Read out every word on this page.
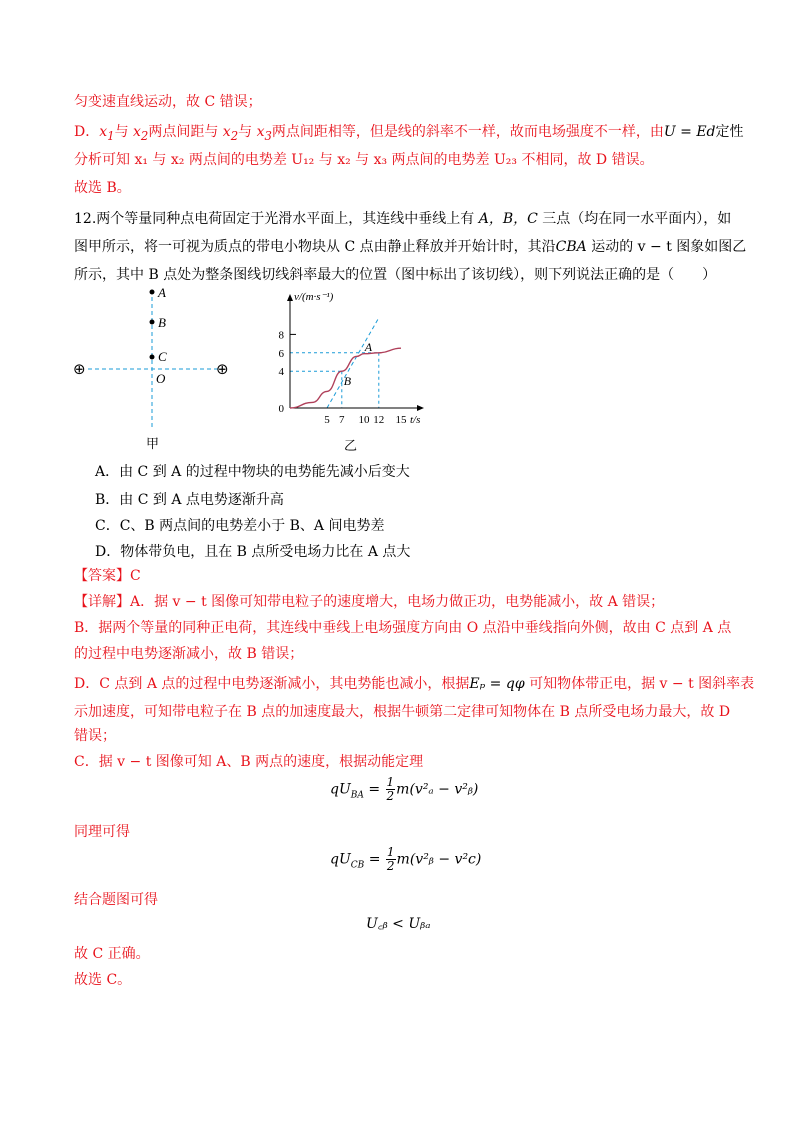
匀变速直线运动，故 C 错误；
D．$x_1$与 $x_2$两点间距与 $x_2$与 $x_3$两点间距相等，但是线的斜率不一样，故而电场强度不一样，由U = Ed定性
分析可知 x₁ 与 x₂ 两点间的电势差 U₁₂ 与 x₂ 与 x₃ 两点间的电势差 U₂₃ 不相同，故 D 错误。
故选 B。
12.两个等量同种点电荷固定于光滑水平面上，其连线中垂线上有 A，B，C 三点（均在同一水平面内），如
图甲所示，将一可视为质点的带电小物块从 C 点由静止释放并开始计时，其沿CBA 运动的 v − t 图象如图乙
所示，其中 B 点处为整条图线切线斜率最大的位置（图中标出了该切线），则下列说法正确的是（　　）
A
B
C
O
⊕	⊕
甲
v/(m·s⁻¹)
t/s
乙
B
A
5 7 10 12 15
0
4
6
8
A．由 C 到 A 的过程中物块的电势能先减小后变大
B．由 C 到 A 点电势逐渐升高
C．C、B 两点间的电势差小于 B、A 间电势差
D．物体带负电，且在 B 点所受电场力比在 A 点大
【答案】C
【详解】A．据 v − t 图像可知带电粒子的速度增大，电场力做正功，电势能减小，故 A 错误；
B．据两个等量的同种正电荷，其连线中垂线上电场强度方向由 O 点沿中垂线指向外侧，故由 C 点到 A 点
的过程中电势逐渐减小，故 B 错误；
D．C 点到 A 点的过程中电势逐渐减小，其电势能也减小，根据Eₚ = qφ 可知物体带正电，据 v − t 图斜率表
示加速度，可知带电粒子在 B 点的加速度最大，根据牛顿第二定律可知物体在 B 点所受电场力最大，故 D
错误；
C．据 v − t 图像可知 A、B 两点的速度，根据动能定理
$qU_{BA} = \frac{1}{2} m(v^2_a$ − v²ᵦ)
同理可得
$qU_{CB} = \frac{1}{2}$ m(v²ᵦ − v²c)
结合题图可得
U꜀ᵦ < Uᵦₐ
故 C 正确。
故选 C。
